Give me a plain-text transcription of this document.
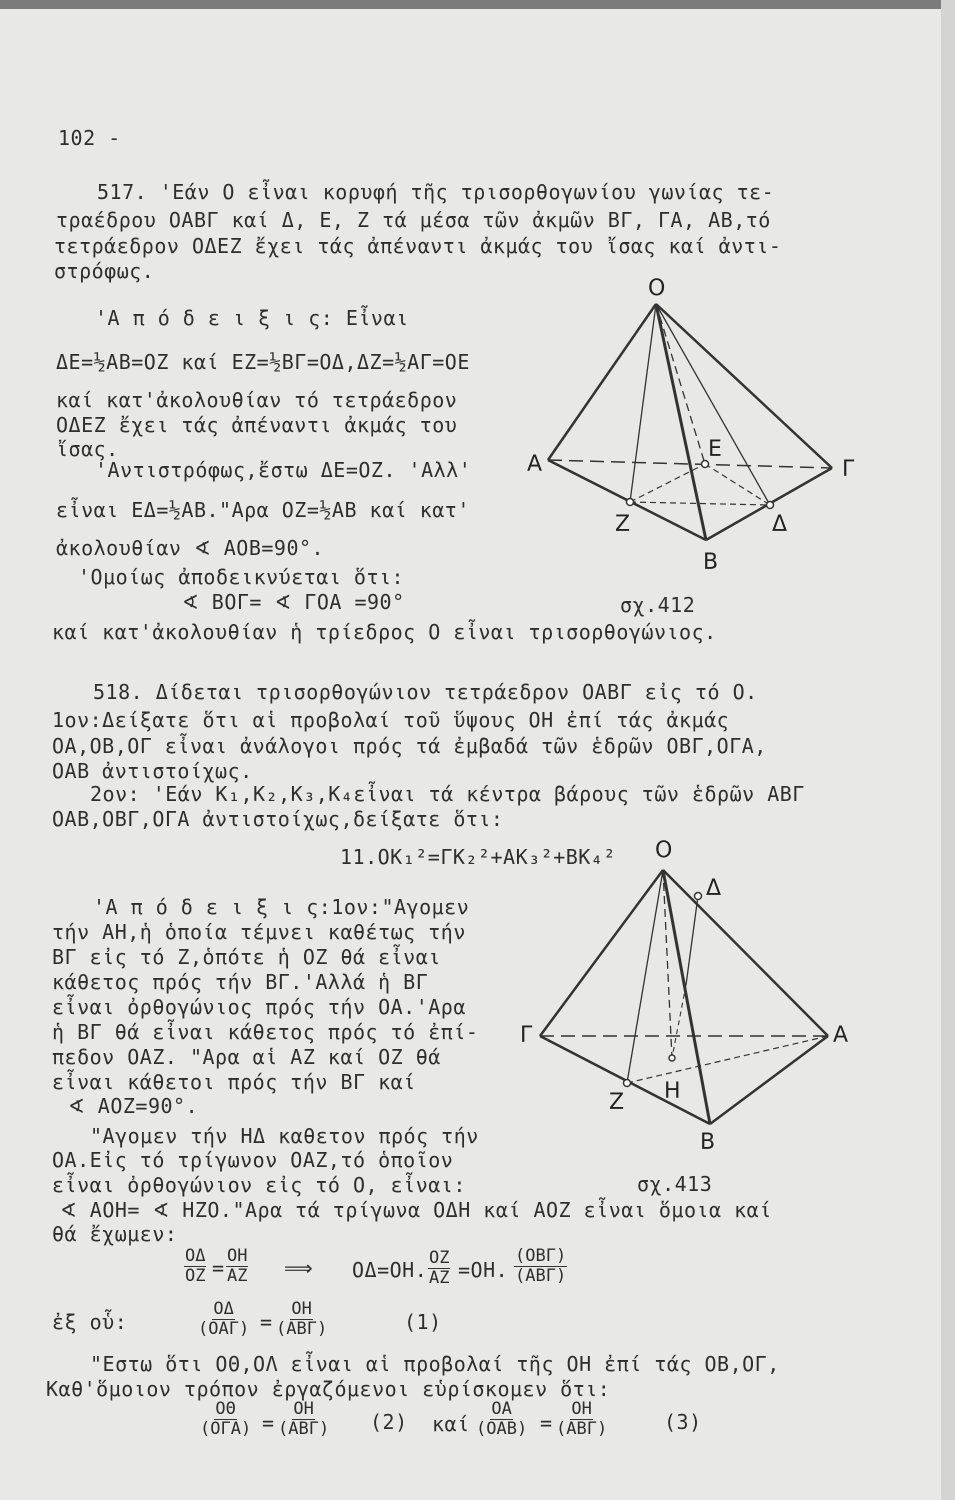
102 -
517. 'Εάν Ο εἶναι κορυφή τῆς τρισορθογωνίου γωνίας τε-
τραέδρου ΟΑΒΓ καί Δ, Ε, Ζ τά μέσα τῶν ἀκμῶν ΒΓ, ΓΑ, ΑΒ,τό
τετράεδρον ΟΔΕΖ ἔχει τάς ἀπέναντι ἀκμάς του ἴσας καί ἀντι-
στρόφως.
'Α π ό δ ε ι ξ ι ς: Εἶναι
ΔΕ=½ΑΒ=ΟΖ καί ΕΖ=½ΒΓ=ΟΔ,ΔΖ=½ΑΓ=ΟΕ
καί κατ'ἀκολουθίαν τό τετράεδρον
ΟΔΕΖ ἔχει τάς ἀπέναντι ἀκμάς του
ἴσας.
'Αντιστρόφως,ἔστω ΔΕ=ΟΖ. 'Αλλ'
εἶναι ΕΔ=½ΑΒ."Αρα ΟΖ=½ΑΒ καί κατ'
ἀκολουθίαν ∢ ΑΟΒ=90°.
'Ομοίως ἀποδεικνύεται ὅτι:
∢ ΒΟΓ= ∢ ΓΟΑ =90°
καί κατ'ἀκολουθίαν ἡ τρίεδρος Ο εἶναι τρισορθογώνιος.
Ο
Α	Γ
Ε
Ζ	Δ
Β
σχ.412
518. Δίδεται τρισορθογώνιον τετράεδρον ΟΑΒΓ εἰς τό Ο.
1ον:Δείξατε ὅτι αἱ προβολαί τοῦ ὕψους ΟΗ ἐπί τάς ἀκμάς
ΟΑ,ΟΒ,ΟΓ εἶναι ἀνάλογοι πρός τά ἐμβαδά τῶν ἑδρῶν ΟΒΓ,ΟΓΑ,
ΟΑΒ ἀντιστοίχως.
2ον: 'Εάν Κ₁,Κ₂,Κ₃,Κ₄εἶναι τά κέντρα βάρους τῶν ἑδρῶν ΑΒΓ
ΟΑΒ,ΟΒΓ,ΟΓΑ ἀντιστοίχως,δείξατε ὅτι:
11.ΟΚ₁²=ΓΚ₂²+ΑΚ₃²+ΒΚ₄²
'Α π ό δ ε ι ξ ι ς:1ον:"Αγομεν
τήν ΑΗ,ἡ ὁποία τέμνει καθέτως τήν
ΒΓ εἰς τό Ζ,ὁπότε ἡ ΟΖ θά εἶναι
κάθετος πρός τήν ΒΓ.'Αλλά ἡ ΒΓ
εἶναι ὀρθογώνιος πρός τήν ΟΑ.'Αρα
ἡ ΒΓ θά εἶναι κάθετος πρός τό ἐπί-
πεδον ΟΑΖ. "Αρα αἱ ΑΖ καί ΟΖ θά
εἶναι κάθετοι πρός τήν ΒΓ καί
∢ ΑΟΖ=90°.
"Αγομεν τήν ΗΔ καθετον πρός τήν
ΟΑ.Εἰς τό τρίγωνον ΟΑΖ,τό ὁποῖον
εἶναι ὀρθογώνιον εἰς τό Ο, εἶναι:
∢ ΑΟΗ= ∢ ΗΖΟ."Αρα τά τρίγωνα ΟΔΗ καί ΑΟΖ εἶναι ὅμοια καί
θά ἔχωμεν:
Ο
Δ
Γ	Α
Η
Ζ
Β
σχ.413
$\frac{O\Delta}{OZ} = \frac{OH}{AZ}$ ⟹ ΟΔ=ΟΗ. $\frac{OZ}{AZ} =OH$.
(ΟΒΓ)
(ΑΒΓ)
ἐξ οὗ:
ΟΔ
(ΟΑΓ) =
ΟΗ
(ΑΒΓ)	(1)
"Εστω ὅτι ΟΘ,ΟΛ εἶναι αἱ προβολαί τῆς ΟΗ ἐπί τάς ΟΒ,ΟΓ,
Καθ'ὅμοιον τρόπον ἐργαζόμενοι εὑρίσκομεν ὅτι:
ΟΘ
(ΟΓΑ) =
ΟΗ
(ΑΒΓ) (2) καί
ΟΑ
(ΟΑΒ) =
ΟΗ
(ΑΒΓ)	(3)
